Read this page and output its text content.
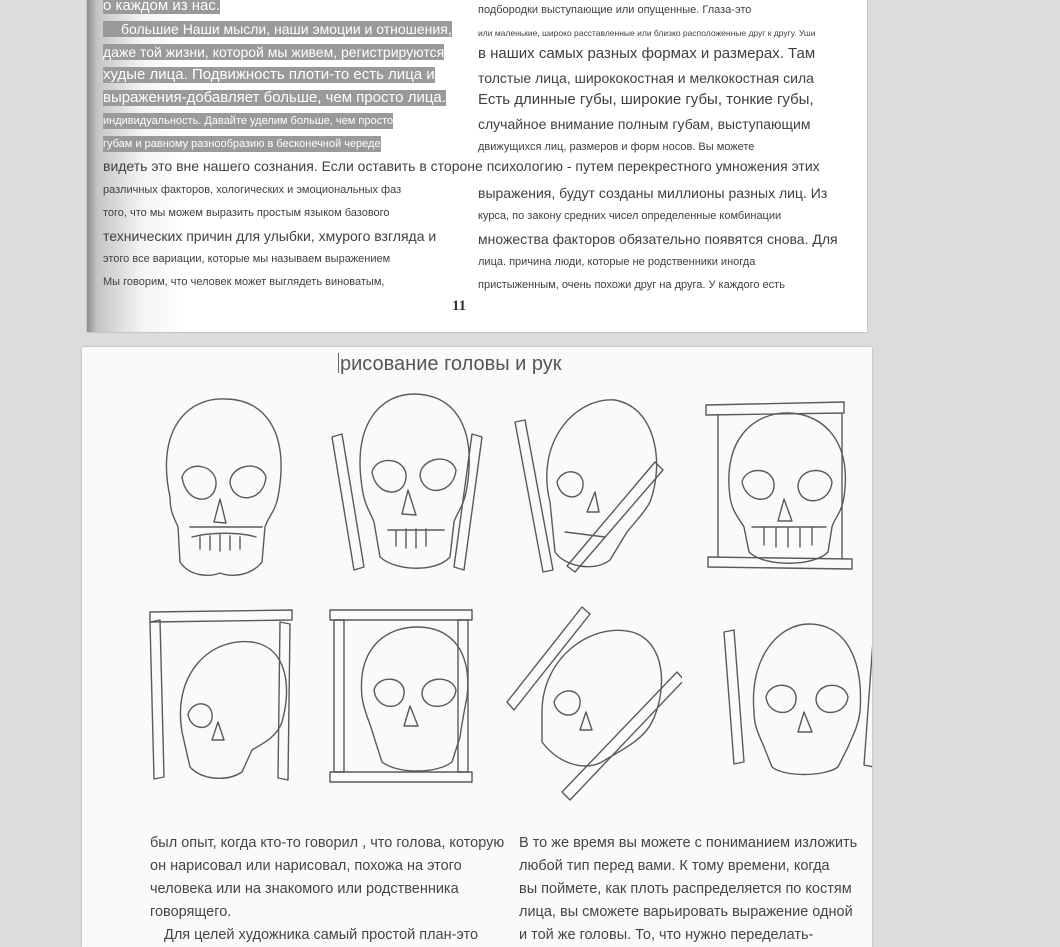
о каждом из нас.
большие Наши мысли, наши эмоции и отношения,
даже той жизни, которой мы живем, регистрируются
худые лица. Подвижность плоти-то есть лица и
выражения-добавляет больше, чем просто лица.
индивидуальность. Давайте уделим больше, чем просто
губам и равному разнообразию в бесконечной череде
видеть это вне нашего сознания. Если оставить в стороне психологию - путем перекрестного умножения этих
различных факторов, хологических и эмоциональных фаз
того, что мы можем выразить простым языком базового
технических причин для улыбки, хмурого взгляда и
этого все вариации, которые мы называем выражением
Мы говорим, что человек может выглядеть виноватым,
подбородки выступающие или опущенные. Глаза-это
или маленькие, широко расставленные или близко расположенные друг к другу. Уши
в наших самых разных формах и размерах. Там
толстые лица, ширококостная и мелкокостная сила
Есть длинные губы, широкие губы, тонкие губы,
случайное внимание полным губам, выступающим
движущихся лиц, размеров и форм носов. Вы можете
выражения, будут созданы миллионы разных лиц. Из
курса, по закону средних чисел определенные комбинации
множества факторов обязательно появятся снова. Для
лица. причина люди, которые не родственники иногда
пристыженным, очень похожи друг на друга. У каждого есть
11
рисование головы и рук
был опыт, когда кто-то говорил , что голова, которую
он нарисовал или нарисовал, похожа на этого
человека или на знакомого или родственника
говорящего.
Для целей художника самый простой план-это
В то же время вы можете с пониманием изложить
любой тип перед вами. К тому времени, когда
вы поймете, как плоть распределяется по костям
лица, вы сможете варьировать выражение одной
и той же головы. То, что нужно переделать-
